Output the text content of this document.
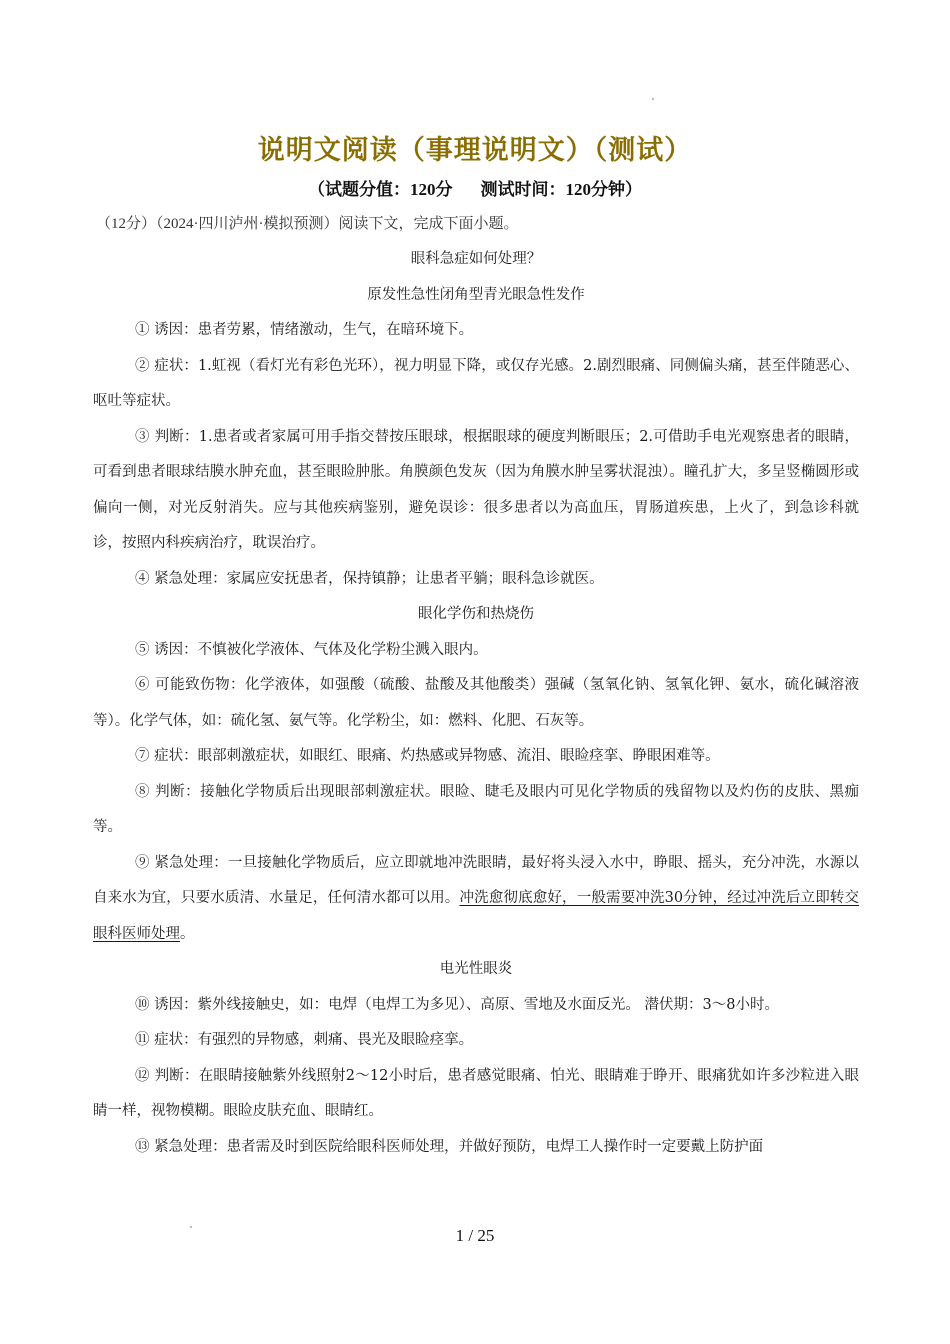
说明文阅读（事理说明文）（测试）
（试题分值：120分 测试时间：120分钟）
（12分）（2024·四川泸州·模拟预测）阅读下文，完成下面小题。

眼科急症如何处理？

原发性急性闭角型青光眼急性发作

① 诱因：患者劳累，情绪激动，生气，在暗环境下。

② 症状：1.虹视（看灯光有彩色光环），视力明显下降，或仅存光感。2.剧烈眼痛、同侧偏头痛，甚至伴随恶心、呕吐等症状。

③ 判断：1.患者或者家属可用手指交替按压眼球，根据眼球的硬度判断眼压；2.可借助手电光观察患者的眼睛，可看到患者眼球结膜水肿充血，甚至眼睑肿胀。角膜颜色发灰（因为角膜水肿呈雾状混浊）。瞳孔扩大，多呈竖椭圆形或偏向一侧，对光反射消失。应与其他疾病鉴别，避免误诊：很多患者以为高血压，胃肠道疾患，上火了，到急诊科就诊，按照内科疾病治疗，耽误治疗。

④ 紧急处理：家属应安抚患者，保持镇静；让患者平躺；眼科急诊就医。

眼化学伤和热烧伤

⑤ 诱因：不慎被化学液体、气体及化学粉尘溅入眼内。

⑥ 可能致伤物：化学液体，如强酸（硫酸、盐酸及其他酸类）强碱（氢氧化钠、氢氧化钾、氨水，硫化碱溶液等）。化学气体，如：硫化氢、氨气等。化学粉尘，如：燃料、化肥、石灰等。

⑦ 症状：眼部刺激症状，如眼红、眼痛、灼热感或异物感、流泪、眼睑痉挛、睁眼困难等。

⑧ 判断：接触化学物质后出现眼部刺激症状。眼睑、睫毛及眼内可见化学物质的残留物以及灼伤的皮肤、黑痂等。

⑨ 紧急处理：一旦接触化学物质后，应立即就地冲洗眼睛，最好将头浸入水中，睁眼、摇头，充分冲洗，水源以自来水为宜，只要水质清、水量足，任何清水都可以用。冲洗愈彻底愈好，一般需要冲洗30分钟，经过冲洗后立即转交眼科医师处理。

电光性眼炎

⑩ 诱因：紫外线接触史，如：电焊（电焊工为多见）、高原、雪地及水面反光。 潜伏期：3～8小时。

⑪ 症状：有强烈的异物感，刺痛、畏光及眼睑痉挛。

⑫ 判断：在眼睛接触紫外线照射2～12小时后，患者感觉眼痛、怕光、眼睛难于睁开、眼痛犹如许多沙粒进入眼睛一样，视物模糊。眼睑皮肤充血、眼睛红。

⑬ 紧急处理：患者需及时到医院给眼科医师处理，并做好预防，电焊工人操作时一定要戴上防护面

1 / 25
